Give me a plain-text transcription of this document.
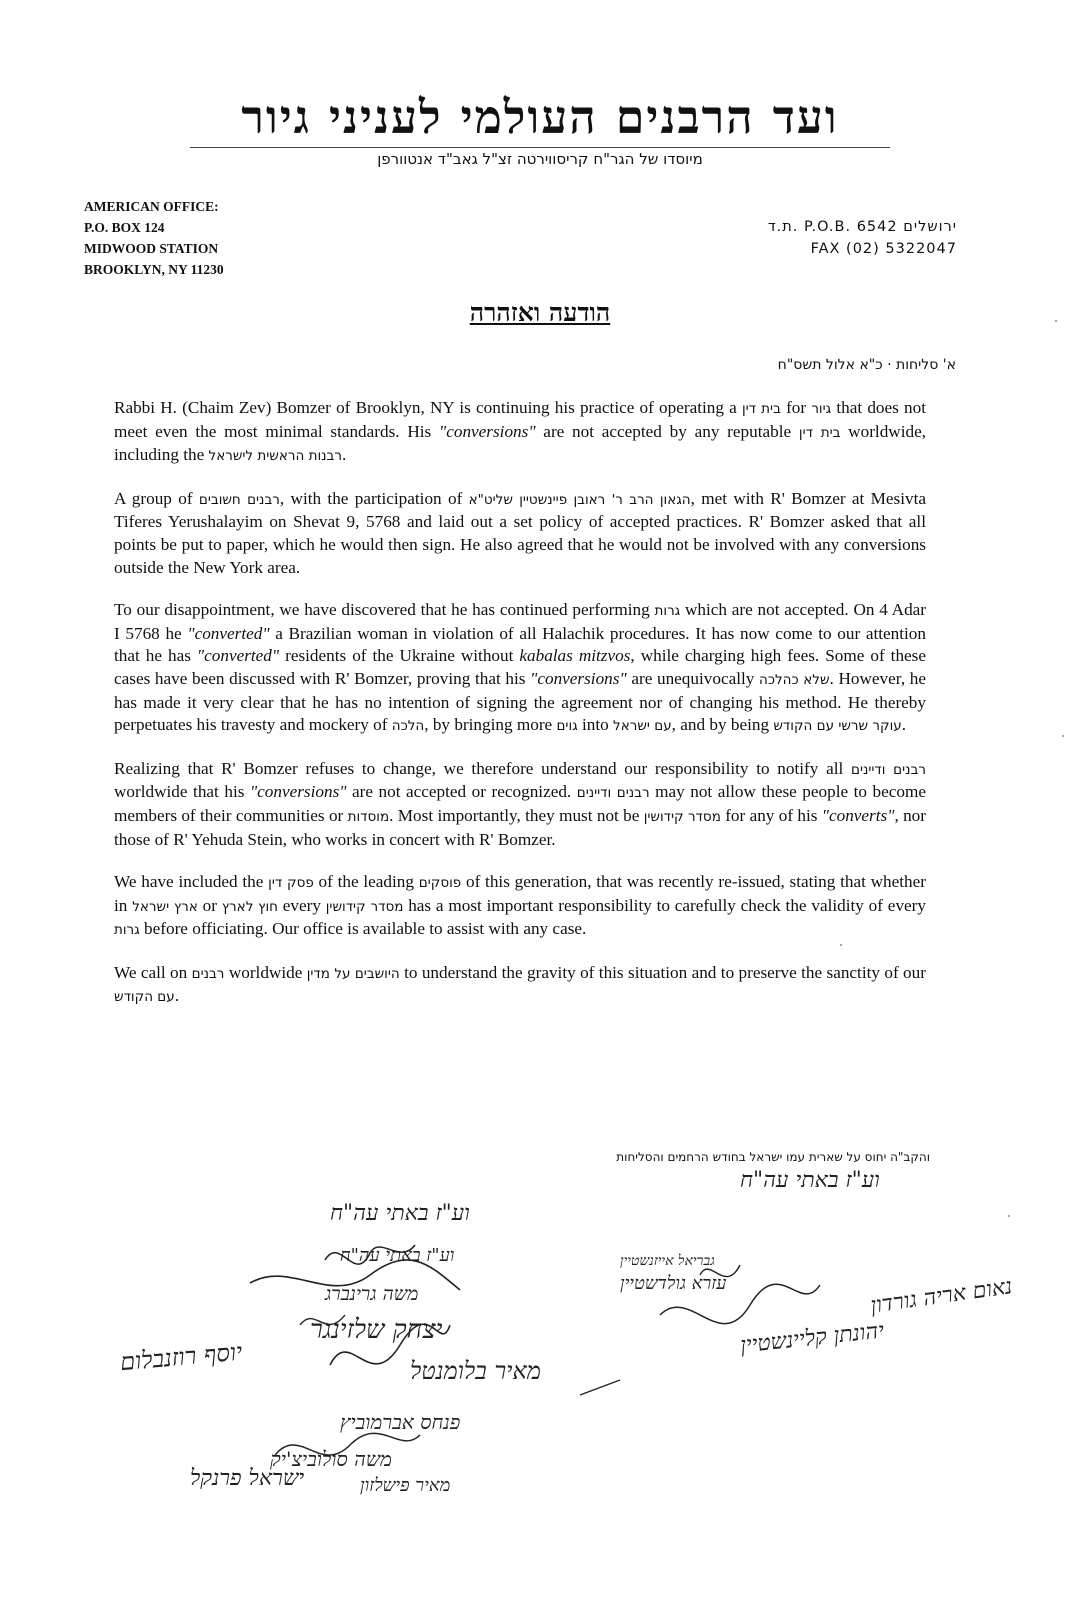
ועד הרבנים העולמי לעניני גיור
מיוסדו של הגר"ח קריסווירטה זצ"ל גאב"ד אנטוורפן
AMERICAN OFFICE:
P.O. BOX 124
MIDWOOD STATION
BROOKLYN, NY 11230
ת.ד. P.O.B. 6542 ירושלים
FAX (02) 5322047
הודעה ואזהרה
א' סליחות · כ"א אלול תשס"ח

Rabbi H. (Chaim Zev) Bomzer of Brooklyn, NY is continuing his practice of operating a בית דין for גיור that does not meet even the most minimal standards. His "conversions" are not accepted by any reputable בית דין worldwide, including the רבנות הראשית לישראל.

A group of רבנים חשובים, with the participation of הגאון הרב ר' ראובן פיינשטיין שליט"א, met with R' Bomzer at Mesivta Tiferes Yerushalayim on Shevat 9, 5768 and laid out a set policy of accepted practices. R' Bomzer asked that all points be put to paper, which he would then sign. He also agreed that he would not be involved with any conversions outside the New York area.

To our disappointment, we have discovered that he has continued performing גרות which are not accepted. On 4 Adar I 5768 he "converted" a Brazilian woman in violation of all Halachik procedures. It has now come to our attention that he has "converted" residents of the Ukraine without kabalas mitzvos, while charging high fees. Some of these cases have been discussed with R' Bomzer, proving that his "conversions" are unequivocally שלא כהלכה. However, he has made it very clear that he has no intention of signing the agreement nor of changing his method. He thereby perpetuates his travesty and mockery of הלכה, by bringing more גוים into עם ישראל, and by being עוקר שרשי עם הקודש.

Realizing that R' Bomzer refuses to change, we therefore understand our responsibility to notify all רבנים ודיינים worldwide that his "conversions" are not accepted or recognized. רבנים ודיינים may not allow these people to become members of their communities or מוסדות. Most importantly, they must not be מסדר קידושין for any of his "converts", nor those of R' Yehuda Stein, who works in concert with R' Bomzer.

We have included the פסק דין of the leading פוסקים of this generation, that was recently re-issued, stating that whether in ארץ ישראל or חוץ לארץ every מסדר קידושין has a most important responsibility to carefully check the validity of every גרות before officiating. Our office is available to assist with any case.

We call on רבנים worldwide היושבים על מדין to understand the gravity of this situation and to preserve the sanctity of our עם הקודש.

והקב"ה יחוס על שארית עמו ישראל בחודש הרחמים והסליחות
וע"ז באתי עה"ח
וע"ז באתי עה"ח
וע"ז באתי עה"ח
נאום אריה גורדון
יהונתן קליינשטיין
גבריאל אייזנשטיין
עזרא גולדשטיין
משה גרינברג
יצחק שלזינגר
מאיר בלומנטל
פנחס אברמוביץ
ישראל פרנקל
משה סולוביצ'יק
מאיר פישלזון
יוסף רוזנבלום
